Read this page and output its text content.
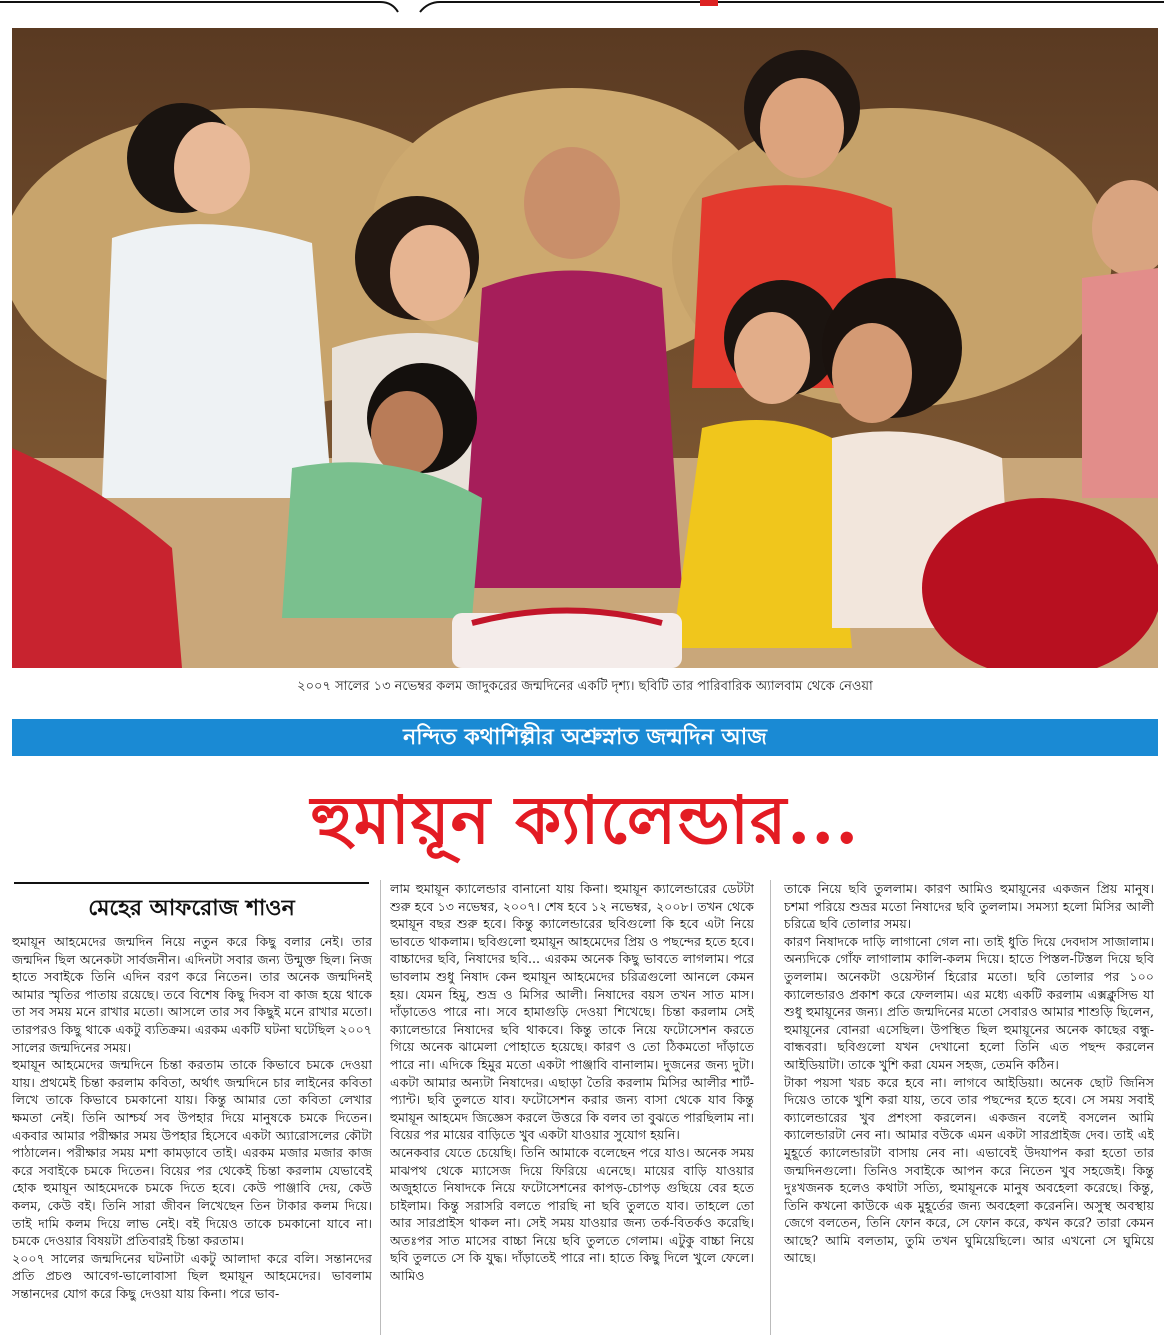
২০০৭ সালের ১৩ নভেম্বর কলম জাদুকরের জন্মদিনের একটি দৃশ্য। ছবিটি তার পারিবারিক অ্যালবাম থেকে নেওয়া
নন্দিত কথাশিল্পীর অশ্রুস্নাত জন্মদিন আজ
হুমায়ূন ক্যালেন্ডার...
মেহের আফরোজ শাওন

হুমায়ূন আহমেদের জন্মদিন নিয়ে নতুন করে কিছু বলার নেই। তার জন্মদিন ছিল অনেকটা সার্বজনীন। এদিনটা সবার জন্য উন্মুক্ত ছিল। নিজ হাতে সবাইকে তিনি এদিন বরণ করে নিতেন। তার অনেক জন্মদিনই আমার স্মৃতির পাতায় রয়েছে। তবে বিশেষ কিছু দিবস বা কাজ হয়ে থাকে তা সব সময় মনে রাখার মতো। আসলে তার সব কিছুই মনে রাখার মতো। তারপরও কিছু থাকে একটু ব্যতিক্রম। এরকম একটি ঘটনা ঘটেছিল ২০০৭ সালের জন্মদিনের সময়।

হুমায়ূন আহমেদের জন্মদিনে চিন্তা করতাম তাকে কিভাবে চমকে দেওয়া যায়। প্রথমেই চিন্তা করলাম কবিতা, অর্থাৎ জন্মদিনে চার লাইনের কবিতা লিখে তাকে কিভাবে চমকানো যায়। কিন্তু আমার তো কবিতা লেখার ক্ষমতা নেই। তিনি আশ্চর্য সব উপহার দিয়ে মানুষকে চমকে দিতেন। একবার আমার পরীক্ষার সময় উপহার হিসেবে একটা অ্যারোসলের কৌটা পাঠালেন। পরীক্ষার সময় মশা কামড়াবে তাই। এরকম মজার মজার কাজ করে সবাইকে চমকে দিতেন। বিয়ের পর থেকেই চিন্তা করলাম যেভাবেই হোক হুমায়ূন আহমেদকে চমকে দিতে হবে। কেউ পাঞ্জাবি দেয়, কেউ কলম, কেউ বই। তিনি সারা জীবন লিখেছেন তিন টাকার কলম দিয়ে। তাই দামি কলম দিয়ে লাভ নেই। বই দিয়েও তাকে চমকানো যাবে না। চমকে দেওয়ার বিষয়টা প্রতিবারই চিন্তা করতাম।

২০০৭ সালের জন্মদিনের ঘটনাটা একটু আলাদা করে বলি। সন্তানদের প্রতি প্রচণ্ড আবেগ-ভালোবাসা ছিল হুমায়ূন আহমেদের। ভাবলাম সন্তানদের যোগ করে কিছু দেওয়া যায় কিনা। পরে ভাব-

লাম হুমায়ূন ক্যালেন্ডার বানানো যায় কিনা। হুমায়ূন ক্যালেন্ডারের ডেটটা শুরু হবে ১৩ নভেম্বর, ২০০৭। শেষ হবে ১২ নভেম্বর, ২০০৮। তখন থেকে হুমায়ূন বছর শুরু হবে। কিন্তু ক্যালেন্ডারের ছবিগুলো কি হবে এটা নিয়ে ভাবতে থাকলাম। ছবিগুলো হুমায়ূন আহমেদের প্রিয় ও পছন্দের হতে হবে। বাচ্চাদের ছবি, নিষাদের ছবি... এরকম অনেক কিছু ভাবতে লাগলাম। পরে ভাবলাম শুধু নিষাদ কেন হুমায়ূন আহমেদের চরিত্রগুলো আনলে কেমন হয়। যেমন হিমু, শুভ্র ও মিসির আলী। নিষাদের বয়স তখন সাত মাস। দাঁড়াতেও পারে না। সবে হামাগুড়ি দেওয়া শিখেছে। চিন্তা করলাম সেই ক্যালেন্ডারে নিষাদের ছবি থাকবে। কিন্তু তাকে নিয়ে ফটোসেশন করতে গিয়ে অনেক ঝামেলা পোহাতে হয়েছে। কারণ ও তো ঠিকমতো দাঁড়াতে পারে না। এদিকে হিমুর মতো একটা পাঞ্জাবি বানালাম। দুজনের জন্য দুটা। একটা আমার অন্যটা নিষাদের। এছাড়া তৈরি করলাম মিসির আলীর শার্ট-প্যান্ট। ছবি তুলতে যাব। ফটোসেশন করার জন্য বাসা থেকে যাব কিন্তু হুমায়ূন আহমেদ জিজ্ঞেস করলে উত্তরে কি বলব তা বুঝতে পারছিলাম না। বিয়ের পর মায়ের বাড়িতে খুব একটা যাওয়ার সুযোগ হয়নি।

অনেকবার যেতে চেয়েছি। তিনি আমাকে বলেছেন পরে যাও। অনেক সময় মাঝপথ থেকে ম্যাসেজ দিয়ে ফিরিয়ে এনেছে। মায়ের বাড়ি যাওয়ার অজুহাতে নিষাদকে নিয়ে ফটোসেশনের কাপড়-চোপড় গুছিয়ে বের হতে চাইলাম। কিন্তু সরাসরি বলতে পারছি না ছবি তুলতে যাব। তাহলে তো আর সারপ্রাইস থাকল না। সেই সময় যাওয়ার জন্য তর্ক-বিতর্কও করেছি। অতঃপর সাত মাসের বাচ্চা নিয়ে ছবি তুলতে গেলাম। এটুকু বাচ্চা নিয়ে ছবি তুলতে সে কি যুদ্ধ। দাঁড়াতেই পারে না। হাতে কিছু দিলে খুলে ফেলে। আমিও

তাকে নিয়ে ছবি তুললাম। কারণ আমিও হুমায়ূনের একজন প্রিয় মানুষ। চশমা পরিয়ে শুভ্রর মতো নিষাদের ছবি তুললাম। সমস্যা হলো মিসির আলী চরিত্রে ছবি তোলার সময়।

কারণ নিষাদকে দাড়ি লাগানো গেল না। তাই ধুতি দিয়ে দেবদাস সাজালাম। অন্যদিকে গোঁফ লাগালাম কালি-কলম দিয়ে। হাতে পিস্তল-টিস্তল দিয়ে ছবি তুললাম। অনেকটা ওয়েস্টার্ন হিরোর মতো। ছবি তোলার পর ১০০ ক্যালেন্ডারও প্রকাশ করে ফেললাম। এর মধ্যে একটি করলাম এক্সক্লুসিভ যা শুধু হুমায়ূনের জন্য। প্রতি জন্মদিনের মতো সেবারও আমার শাশুড়ি ছিলেন, হুমায়ূনের বোনরা এসেছিল। উপস্থিত ছিল হুমায়ূনের অনেক কাছের বন্ধু-বান্ধবরা। ছবিগুলো যখন দেখানো হলো তিনি এত পছন্দ করলেন আইডিয়াটা। তাকে খুশি করা যেমন সহজ, তেমনি কঠিন।

টাকা পয়সা খরচ করে হবে না। লাগবে আইডিয়া। অনেক ছোট জিনিস দিয়েও তাকে খুশি করা যায়, তবে তার পছন্দের হতে হবে। সে সময় সবাই ক্যালেন্ডারের খুব প্রশংসা করলেন। একজন বলেই বসলেন আমি ক্যালেন্ডারটা নেব না। আমার বউকে এমন একটা সারপ্রাইজ দেব। তাই এই মুহূর্তে ক্যালেন্ডারটা বাসায় নেব না। এভাবেই উদযাপন করা হতো তার জন্মদিনগুলো। তিনিও সবাইকে আপন করে নিতেন খুব সহজেই। কিন্তু দুঃখজনক হলেও কথাটা সত্যি, হুমায়ূনকে মানুষ অবহেলা করেছে। কিন্তু, তিনি কখনো কাউকে এক মুহূর্তের জন্য অবহেলা করেননি। অসুস্থ অবস্থায় জেগে বলতেন, তিনি ফোন করে, সে ফোন করে, কখন করে? তারা কেমন আছে? আমি বলতাম, তুমি তখন ঘুমিয়েছিলে। আর এখনো সে ঘুমিয়ে আছে।
